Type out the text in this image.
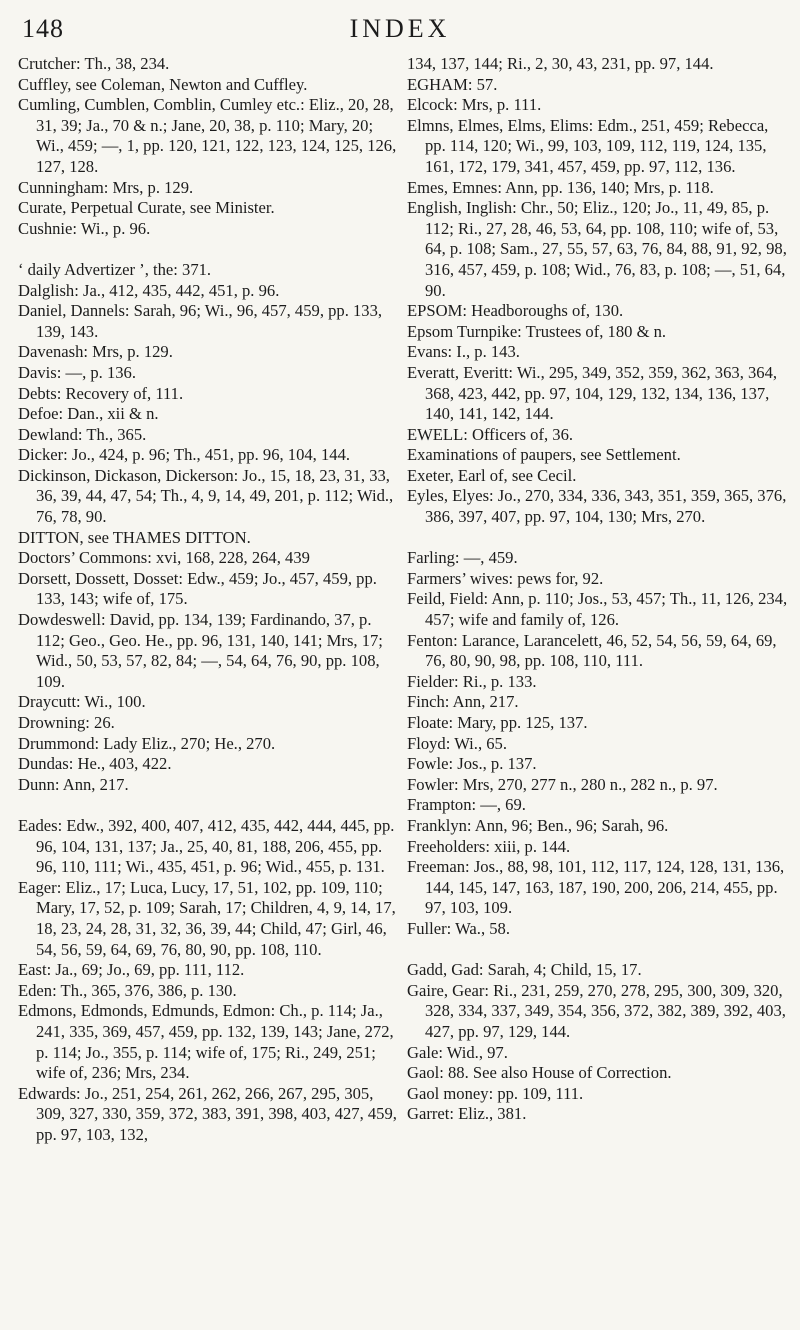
148	INDEX

Crutcher: Th., 38, 234.

Cuffley, see Coleman, Newton and Cuffley.

Cumling, Cumblen, Comblin, Cumley etc.: Eliz., 20, 28, 31, 39; Ja., 70 & n.; Jane, 20, 38, p. 110; Mary, 20; Wi., 459; —, 1, pp. 120, 121, 122, 123, 124, 125, 126, 127, 128.

Cunningham: Mrs, p. 129.

Curate, Perpetual Curate, see Minister.

Cushnie: Wi., p. 96.

‘ daily Advertizer ’, the: 371.

Dalglish: Ja., 412, 435, 442, 451, p. 96.

Daniel, Dannels: Sarah, 96; Wi., 96, 457, 459, pp. 133, 139, 143.

Davenash: Mrs, p. 129.

Davis: —, p. 136.

Debts: Recovery of, 111.

Defoe: Dan., xii & n.

Dewland: Th., 365.

Dicker: Jo., 424, p. 96; Th., 451, pp. 96, 104, 144.

Dickinson, Dickason, Dickerson: Jo., 15, 18, 23, 31, 33, 36, 39, 44, 47, 54; Th., 4, 9, 14, 49, 201, p. 112; Wid., 76, 78, 90.

DITTON, see THAMES DITTON.

Doctors’ Commons: xvi, 168, 228, 264, 439

Dorsett, Dossett, Dosset: Edw., 459; Jo., 457, 459, pp. 133, 143; wife of, 175.

Dowdeswell: David, pp. 134, 139; Fardinando, 37, p. 112; Geo., Geo. He., pp. 96, 131, 140, 141; Mrs, 17; Wid., 50, 53, 57, 82, 84; —, 54, 64, 76, 90, pp. 108, 109.

Draycutt: Wi., 100.

Drowning: 26.

Drummond: Lady Eliz., 270; He., 270.

Dundas: He., 403, 422.

Dunn: Ann, 217.

Eades: Edw., 392, 400, 407, 412, 435, 442, 444, 445, pp. 96, 104, 131, 137; Ja., 25, 40, 81, 188, 206, 455, pp. 96, 110, 111; Wi., 435, 451, p. 96; Wid., 455, p. 131.

Eager: Eliz., 17; Luca, Lucy, 17, 51, 102, pp. 109, 110; Mary, 17, 52, p. 109; Sarah, 17; Children, 4, 9, 14, 17, 18, 23, 24, 28, 31, 32, 36, 39, 44; Child, 47; Girl, 46, 54, 56, 59, 64, 69, 76, 80, 90, pp. 108, 110.

East: Ja., 69; Jo., 69, pp. 111, 112.

Eden: Th., 365, 376, 386, p. 130.

Edmons, Edmonds, Edmunds, Edmon: Ch., p. 114; Ja., 241, 335, 369, 457, 459, pp. 132, 139, 143; Jane, 272, p. 114; Jo., 355, p. 114; wife of, 175; Ri., 249, 251; wife of, 236; Mrs, 234.

Edwards: Jo., 251, 254, 261, 262, 266, 267, 295, 305, 309, 327, 330, 359, 372, 383, 391, 398, 403, 427, 459, pp. 97, 103, 132,

134, 137, 144; Ri., 2, 30, 43, 231, pp. 97, 144.

EGHAM: 57.

Elcock: Mrs, p. 111.

Elmns, Elmes, Elms, Elims: Edm., 251, 459; Rebecca, pp. 114, 120; Wi., 99, 103, 109, 112, 119, 124, 135, 161, 172, 179, 341, 457, 459, pp. 97, 112, 136.

Emes, Emnes: Ann, pp. 136, 140; Mrs, p. 118.

English, Inglish: Chr., 50; Eliz., 120; Jo., 11, 49, 85, p. 112; Ri., 27, 28, 46, 53, 64, pp. 108, 110; wife of, 53, 64, p. 108; Sam., 27, 55, 57, 63, 76, 84, 88, 91, 92, 98, 316, 457, 459, p. 108; Wid., 76, 83, p. 108; —, 51, 64, 90.

EPSOM: Headboroughs of, 130.

Epsom Turnpike: Trustees of, 180 & n.

Evans: I., p. 143.

Everatt, Everitt: Wi., 295, 349, 352, 359, 362, 363, 364, 368, 423, 442, pp. 97, 104, 129, 132, 134, 136, 137, 140, 141, 142, 144.

EWELL: Officers of, 36.

Examinations of paupers, see Settlement.

Exeter, Earl of, see Cecil.

Eyles, Elyes: Jo., 270, 334, 336, 343, 351, 359, 365, 376, 386, 397, 407, pp. 97, 104, 130; Mrs, 270.

Farling: —, 459.

Farmers’ wives: pews for, 92.

Feild, Field: Ann, p. 110; Jos., 53, 457; Th., 11, 126, 234, 457; wife and family of, 126.

Fenton: Larance, Larancelett, 46, 52, 54, 56, 59, 64, 69, 76, 80, 90, 98, pp. 108, 110, 111.

Fielder: Ri., p. 133.

Finch: Ann, 217.

Floate: Mary, pp. 125, 137.

Floyd: Wi., 65.

Fowle: Jos., p. 137.

Fowler: Mrs, 270, 277 n., 280 n., 282 n., p. 97.

Frampton: —, 69.

Franklyn: Ann, 96; Ben., 96; Sarah, 96.

Freeholders: xiii, p. 144.

Freeman: Jos., 88, 98, 101, 112, 117, 124, 128, 131, 136, 144, 145, 147, 163, 187, 190, 200, 206, 214, 455, pp. 97, 103, 109.

Fuller: Wa., 58.

Gadd, Gad: Sarah, 4; Child, 15, 17.

Gaire, Gear: Ri., 231, 259, 270, 278, 295, 300, 309, 320, 328, 334, 337, 349, 354, 356, 372, 382, 389, 392, 403, 427, pp. 97, 129, 144.

Gale: Wid., 97.

Gaol: 88. See also House of Correction.

Gaol money: pp. 109, 111.

Garret: Eliz., 381.
